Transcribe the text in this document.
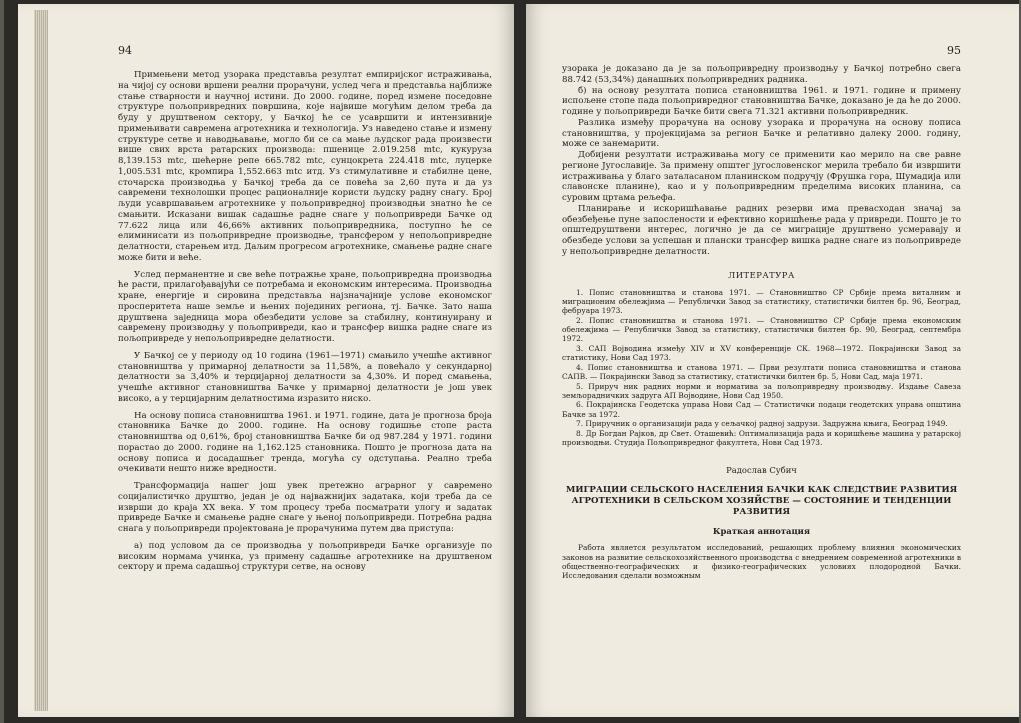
94

Примењени метод узорака представља резултат емпиријског истраживања, на чијој су основи вршени реални прорачуни, услед чега и представља најближе стање стварности и научној истини. До 2000. године, поред измене поседовне структуре пољопривредних површина, које највише могућим делом треба да буду у друштвеном сектору, у Бачкој ће се усавршити и интензивније примењивати савремена агротехника и технологија. Уз наведено стање и измену структуре сетве и наводњавање, могло би се са мање људског рада произвести више свих врста ратарских производа: пшенице 2.019.258 mtc, кукуруза 8,139.153 mtc, шећерне репе 665.782 mtc, сунцокрета 224.418 mtc, луцерке 1,005.531 mtc, кромпира 1,552.663 mtc итд. Уз стимулативне и стабилне цене, сточарска производња у Бачкој треба да се повећа за 2,60 пута и да уз савремени технолошки процес рационалније користи људску радну снагу. Број људи усавршавањем агротехнике у пољопривредној производњи знатно ће се смањити. Исказани вишак садашње радне снаге у пољопривреди Бачке од 77.622 лица или 46,66% активних пољопривредника, поступно ће се елиминисати из пољопривредне производње, трансфером у непољопривредне делатности, старењем итд. Даљим прогресом агротехнике, смањење радне снаге може бити и веће.

Услед перманентне и све веће потражње хране, пољопривредна производња ће расти, прилагођавајући се потребама и економским интересима. Производња хране, енергије и сировина представља најзначајније услове економског просперитета наше земље и њених појединих региона, тј. Бачке. Зато наша друштвена заједница мора обезбедити услове за стабилну, континуирану и савремену производњу у пољопривреди, као и трансфер вишка радне снаге из пољопривреде у непољопривредне делатности.

У Бачкој се у периоду од 10 година (1961—1971) смањило учешће активног становништва у примарној делатности за 11,58%, а повећало у секундарној делатности за 3,40% и терцијарној делатности за 4,30%. И поред смањења, учешће активног становништва Бачке у примарној делатности је још увек високо, а у терцијарним делатностима изразито ниско.

На основу пописа становништва 1961. и 1971. године, дата је прогноза броја становника Бачке до 2000. године. На основу годишње стопе раста становништва од 0,61%, број становништва Бачке би од 987.284 у 1971. години порастао до 2000. године на 1,162.125 становника. Пошто је прогноза дата на основу пописа и досадашњег тренда, могућа су одступања. Реално треба очекивати нешто ниже вредности.

Трансформација нашег још увек претежно аграрног у савремено социјалистичко друштво, један је од најважнијих задатака, који треба да се изврши до краја XX века. У том процесу треба посматрати улогу и задатак привреде Бачке и смањење радне снаге у њеној пољопривреди. Потребна радна снага у пољопривреди пројектована је прорачунима путем два приступа:

а) под условом да се производња у пољопривреди Бачке организује по високим нормама учинка, уз примену садашње агротехнике на друштвеном сектору и према садашњој структури сетве, на основу

95

узорака је доказано да је за пољопривредну производњу у Бачкој потребно свега 88.742 (53,34%) данашњих пољопривредних радника.

б) на основу резултата пописа становништва 1961. и 1971. године и примену испољене стопе пада пољопривредног становништва Бачке, доказано је да ће до 2000. године у пољопривреди Бачке бити свега 71.321 активни пољопривредник.

Разлика између прорачуна на основу узорака и прорачуна на основу пописа становништва, у пројекцијама за регион Бачке и релативно далеку 2000. годину, може се занемарити.

Добијени резултати истраживања могу се применити као мерило на све равне регионе Југославије. За примену општег југословенског мерила требало би извршити истраживања у благо заталасаном планинском подручју (Фрушка гора, Шумадија или славонске планине), као и у пољопривредним пределима високих планина, са суровим цртама рељефа.

Планирање и искоришћавање радних резерви има превасходан значај за обезбеђење пуне запослености и ефективно коришћење рада у привреди. Пошто је то општедруштвени интерес, логично је да се миграције друштвено усмеравају и обезбеде услови за успешан и плански трансфер вишка радне снаге из пољопривреде у непољопривредне делатности.

ЛИТЕРАТУРА

1. Попис становништва и станова 1971. — Становништво СР Србије према виталним и миграционим обележјима — Републички Завод за статистику, статистички билтен бр. 96, Београд, фебруара 1973.

2. Попис становништва и станова 1971. — Становништво СР Србије према економским обележјима — Републички Завод за статистику, статистички билтен бр. 90, Београд, септембра 1972.

3. САП Војводина између XIV и XV конференције СК. 1968—1972. Покрајински Завод за статистику, Нови Сад 1973.

4. Попис становништва и станова 1971. — Први резултати пописа становништва и станова САПВ. — Покрајински Завод за статистику, статистички билтен бр. 5, Нови Сад, маја 1971.

5. Прируч ник радних норми и норматива за пољопривредну производњу. Издање Савеза земљорадничких задруга АП Војводине, Нови Сад 1950.

6. Покрајинска Геодетска управа Нови Сад — Статистички подаци геодетских управа општина Бачке за 1972.

7. Приручник о организацији рада у сељачкој радној задрузи. Задружна књига, Београд 1949.

8. Др Богдан Рајков, др Свет. Оташевић: Оптимализација рада и коришћење машина у ратарској производњи. Студија Пољопривредног факултета, Нови Сад 1973.

Радослав Субич
МИГРАЦИИ СЕЛЬСКОГО НАСЕЛЕНИЯ БАЧКИ КАК СЛЕДСТВИЕ РАЗВИТИЯ АГРОТЕХНИКИ В СЕЛЬСКОМ ХОЗЯЙСТВЕ — СОСТОЯНИЕ И ТЕНДЕНЦИИ РАЗВИТИЯ
Краткая аннотация

Работа является результатом исследований, решающих проблему влияния экономических законов на развитие сельскохозяйственного производства с внедрением современной агротехники в общественно-географических и физико-географических условиях плодородной Бачки. Исследования сделали возможным
